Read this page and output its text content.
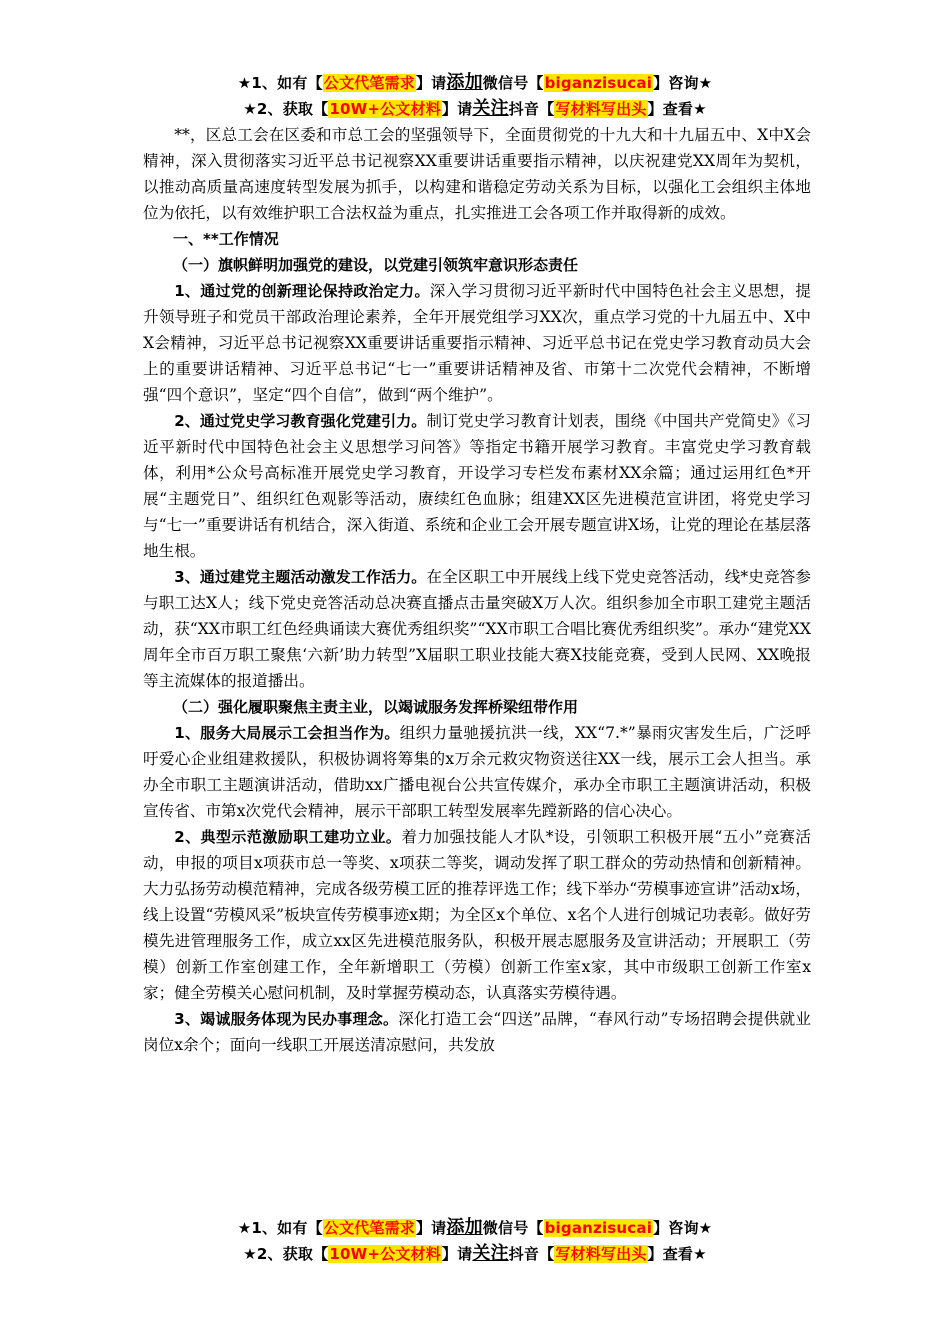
★1、如有【公文代笔需求】请添加微信号【biganzisucai】咨询★
★2、获取【10W+公文材料】请关注抖音【写材料写出头】查看★

**，区总工会在区委和市总工会的坚强领导下，全面贯彻党的十九大和十九届五中、X中X会精神，深入贯彻落实习近平总书记视察XX重要讲话重要指示精神，以庆祝建党XX周年为契机，以推动高质量高速度转型发展为抓手，以构建和谐稳定劳动关系为目标，以强化工会组织主体地位为依托，以有效维护职工合法权益为重点，扎实推进工会各项工作并取得新的成效。

一、**工作情况

（一）旗帜鲜明加强党的建设，以党建引领筑牢意识形态责任

1、通过党的创新理论保持政治定力。深入学习贯彻习近平新时代中国特色社会主义思想，提升领导班子和党员干部政治理论素养，全年开展党组学习XX次，重点学习党的十九届五中、X中X会精神，习近平总书记视察XX重要讲话重要指示精神、习近平总书记在党史学习教育动员大会上的重要讲话精神、习近平总书记“七一”重要讲话精神及省、市第十二次党代会精神，不断增强“四个意识”，坚定“四个自信”，做到“两个维护”。

2、通过党史学习教育强化党建引力。制订党史学习教育计划表，围绕《中国共产党简史》《习近平新时代中国特色社会主义思想学习问答》等指定书籍开展学习教育。丰富党史学习教育载体，利用*公众号高标准开展党史学习教育，开设学习专栏发布素材XX余篇；通过运用红色*开展“主题党日”、组织红色观影等活动，赓续红色血脉；组建XX区先进模范宣讲团，将党史学习与“七一”重要讲话有机结合，深入街道、系统和企业工会开展专题宣讲X场，让党的理论在基层落地生根。

3、通过建党主题活动激发工作活力。在全区职工中开展线上线下党史竞答活动，线*史竞答参与职工达X人；线下党史竞答活动总决赛直播点击量突破X万人次。组织参加全市职工建党主题活动，获“XX市职工红色经典诵读大赛优秀组织奖”“XX市职工合唱比赛优秀组织奖”。承办“建党XX周年全市百万职工聚焦‘六新’助力转型”X届职工职业技能大赛X技能竞赛，受到人民网、XX晚报等主流媒体的报道播出。

（二）强化履职聚焦主责主业，以竭诚服务发挥桥梁纽带作用

1、服务大局展示工会担当作为。组织力量驰援抗洪一线，XX“7.*”暴雨灾害发生后，广泛呼吁爱心企业组建救援队，积极协调将筹集的x万余元救灾物资送往XX一线，展示工会人担当。承办全市职工主题演讲活动，借助xx广播电视台公共宣传媒介，承办全市职工主题演讲活动，积极宣传省、市第x次党代会精神，展示干部职工转型发展率先蹚新路的信心决心。

2、典型示范激励职工建功立业。着力加强技能人才队*设，引领职工积极开展“五小”竞赛活动，申报的项目x项获市总一等奖、x项获二等奖，调动发挥了职工群众的劳动热情和创新精神。大力弘扬劳动模范精神，完成各级劳模工匠的推荐评选工作；线下举办“劳模事迹宣讲”活动x场，线上设置“劳模风采”板块宣传劳模事迹x期；为全区x个单位、x名个人进行创城记功表彰。做好劳模先进管理服务工作，成立xx区先进模范服务队，积极开展志愿服务及宣讲活动；开展职工（劳模）创新工作室创建工作，全年新增职工（劳模）创新工作室x家，其中市级职工创新工作室x家；健全劳模关心慰问机制，及时掌握劳模动态，认真落实劳模待遇。

3、竭诚服务体现为民办事理念。深化打造工会“四送”品牌，“春风行动”专场招聘会提供就业岗位x余个；面向一线职工开展送清凉慰问，共发放

★1、如有【公文代笔需求】请添加微信号【biganzisucai】咨询★
★2、获取【10W+公文材料】请关注抖音【写材料写出头】查看★
